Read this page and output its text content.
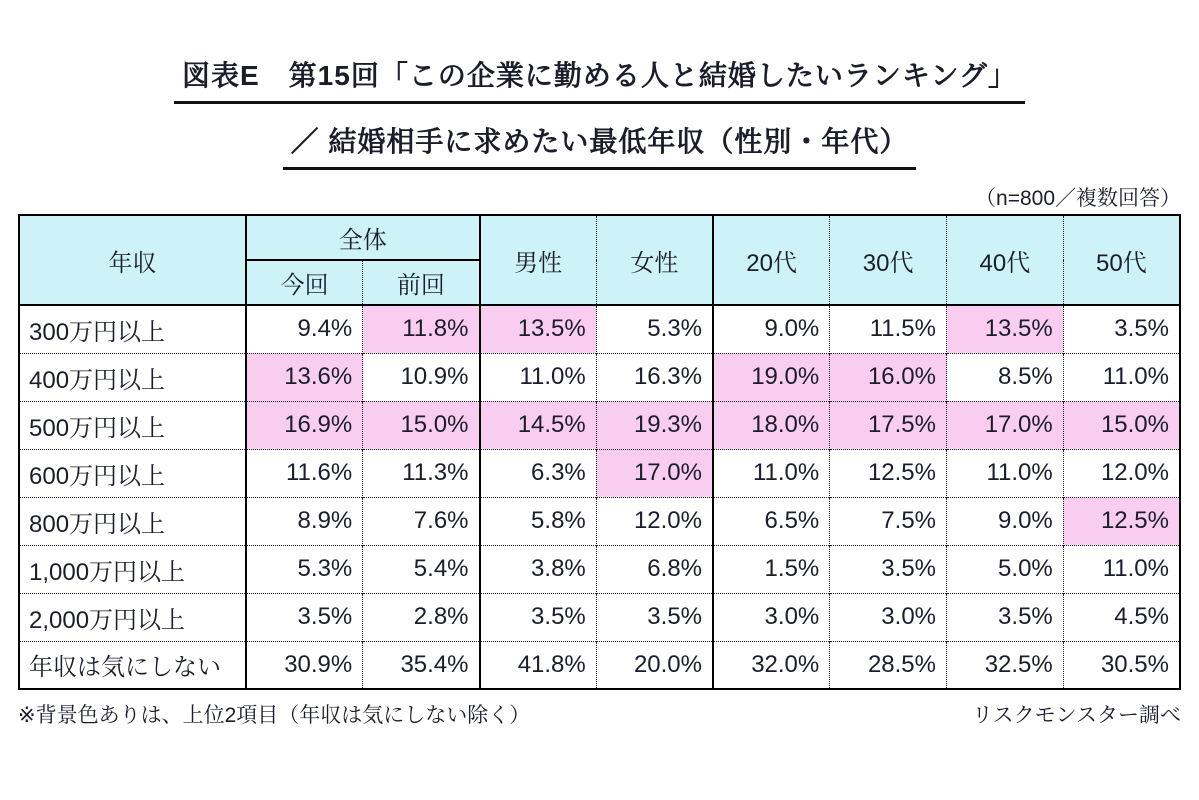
図表E　第15回「この企業に勤める人と結婚したいランキング」
／ 結婚相手に求めたい最低年収（性別・年代）
（n=800／複数回答）
年収	全体		男性	女性	20代	30代	40代	50代
	今回	前回						
300万円以上	9.4%	11.8%	13.5%	5.3%	9.0%	11.5%	13.5%	3.5%
400万円以上	13.6%	10.9%	11.0%	16.3%	19.0%	16.0%	8.5%	11.0%
500万円以上	16.9%	15.0%	14.5%	19.3%	18.0%	17.5%	17.0%	15.0%
600万円以上	11.6%	11.3%	6.3%	17.0%	11.0%	12.5%	11.0%	12.0%
800万円以上	8.9%	7.6%	5.8%	12.0%	6.5%	7.5%	9.0%	12.5%
1,000万円以上	5.3%	5.4%	3.8%	6.8%	1.5%	3.5%	5.0%	11.0%
2,000万円以上	3.5%	2.8%	3.5%	3.5%	3.0%	3.0%	3.5%	4.5%
年収は気にしない	30.9%	35.4%	41.8%	20.0%	32.0%	28.5%	32.5%	30.5%
※背景色ありは、上位2項目（年収は気にしない除く）	リスクモンスター調べ
